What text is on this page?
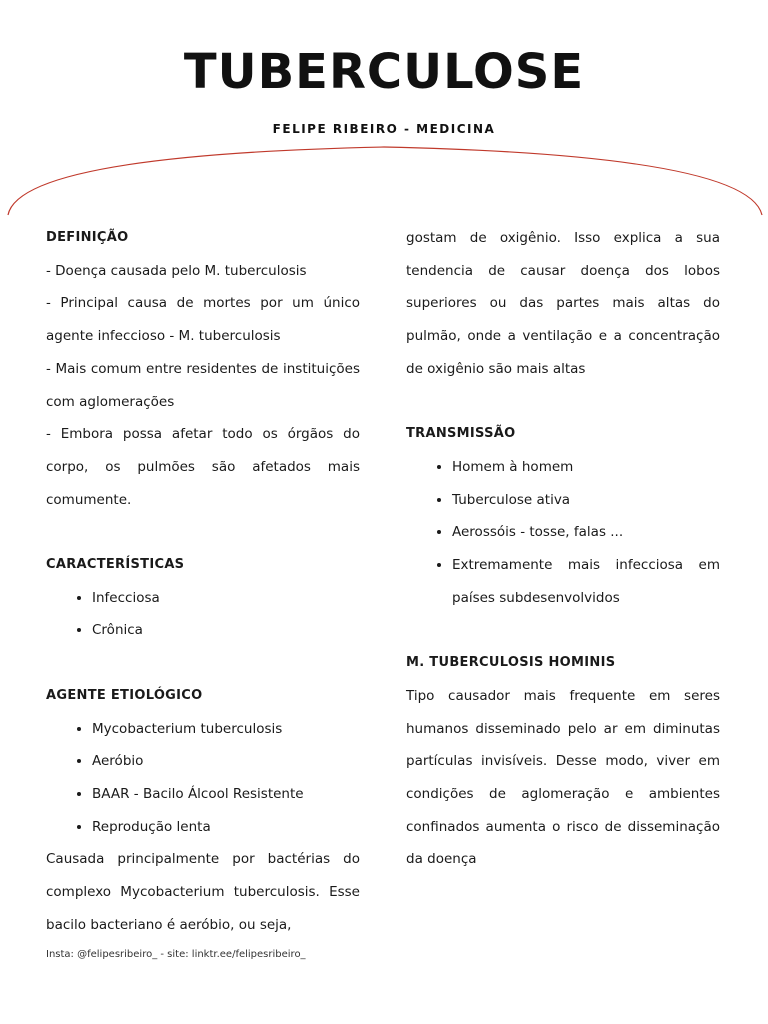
TUBERCULOSE
FELIPE RIBEIRO - MEDICINA
DEFINIÇÃO

- Doença causada pelo M. tuberculosis

- Principal causa de mortes por um único agente infeccioso - M. tuberculosis

- Mais comum entre residentes de instituições com aglomerações

- Embora possa afetar todo os órgãos do corpo, os pulmões são afetados mais comumente.

CARACTERÍSTICAS
• Infecciosa
• Crônica
AGENTE ETIOLÓGICO
• Mycobacterium tuberculosis
• Aeróbio
• BAAR - Bacilo Álcool Resistente
• Reprodução lenta

Causada principalmente por bactérias do complexo Mycobacterium tuberculosis. Esse bacilo bacteriano é aeróbio, ou seja,

gostam de oxigênio. Isso explica a sua tendencia de causar doença dos lobos superiores ou das partes mais altas do pulmão, onde a ventilação e a concentração de oxigênio são mais altas

TRANSMISSÃO
• Homem à homem
• Tuberculose ativa
• Aerossóis - tosse, falas ...
• Extremamente mais infecciosa em países subdesenvolvidos
M. TUBERCULOSIS HOMINIS

Tipo causador mais frequente em seres humanos disseminado pelo ar em diminutas partículas invisíveis. Desse modo, viver em condições de aglomeração e ambientes confinados aumenta o risco de disseminação da doença

Insta: @felipesribeiro_ - site: linktr.ee/felipesribeiro_
